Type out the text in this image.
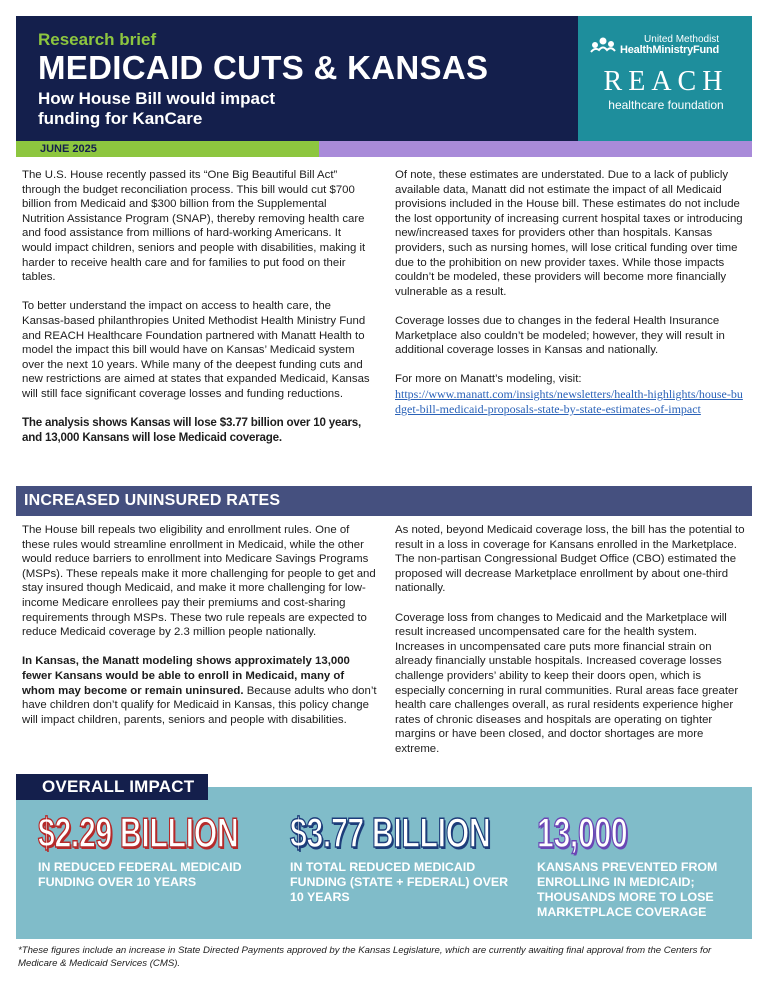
Research brief
MEDICAID CUTS & KANSAS
How House Bill would impact
funding for KanCare
United Methodist
HealthMinistryFund
REACH
healthcare foundation
JUNE 2025

The U.S. House recently passed its “One Big Beautiful Bill Act” through the budget reconciliation process. This bill would cut $700 billion from Medicaid and $300 billion from the Supplemental Nutrition Assistance Program (SNAP), thereby removing health care and food assistance from millions of hard-working Americans. It would impact children, seniors and people with disabilities, making it harder to receive health care and for families to put food on their tables.

To better understand the impact on access to health care, the Kansas-based philanthropies United Methodist Health Ministry Fund and REACH Healthcare Foundation partnered with Manatt Health to model the impact this bill would have on Kansas’ Medicaid system over the next 10 years. While many of the deepest funding cuts and new restrictions are aimed at states that expanded Medicaid, Kansas will still face significant coverage losses and funding reductions.

The analysis shows Kansas will lose $3.77 billion over 10 years, and 13,000 Kansans will lose Medicaid coverage.

Of note, these estimates are understated. Due to a lack of publicly available data, Manatt did not estimate the impact of all Medicaid provisions included in the House bill. These estimates do not include the lost opportunity of increasing current hospital taxes or introducing new/increased taxes for providers other than hospitals. Kansas providers, such as nursing homes, will lose critical funding over time due to the prohibition on new provider taxes. While those impacts couldn’t be modeled, these providers will become more financially vulnerable as a result.

Coverage losses due to changes in the federal Health Insurance Marketplace also couldn’t be modeled; however, they will result in additional coverage losses in Kansas and nationally.

For more on Manatt’s modeling, visit:
https://www.manatt.com/insights/newsletters/health-highlights/house-budget-bill-medicaid-proposals-state-by-state-estimates-of-impact
INCREASED UNINSURED RATES

The House bill repeals two eligibility and enrollment rules. One of these rules would streamline enrollment in Medicaid, while the other would reduce barriers to enrollment into Medicare Savings Programs (MSPs). These repeals make it more challenging for people to get and stay insured though Medicaid, and make it more challenging for low-income Medicare enrollees pay their premiums and cost-sharing requirements through MSPs. These two rule repeals are expected to reduce Medicaid coverage by 2.3 million people nationally.

In Kansas, the Manatt modeling shows approximately 13,000 fewer Kansans would be able to enroll in Medicaid, many of whom may become or remain uninsured. Because adults who don’t have children don’t qualify for Medicaid in Kansas, this policy change will impact children, parents, seniors and people with disabilities.

As noted, beyond Medicaid coverage loss, the bill has the potential to result in a loss in coverage for Kansans enrolled in the Marketplace. The non-partisan Congressional Budget Office (CBO) estimated the proposed will decrease Marketplace enrollment by about one-third nationally.

Coverage loss from changes to Medicaid and the Marketplace will result increased uncompensated care for the health system. Increases in uncompensated care puts more financial strain on already financially unstable hospitals. Increased coverage losses challenge providers’ ability to keep their doors open, which is especially concerning in rural communities. Rural areas face greater health care challenges overall, as rural residents experience higher rates of chronic diseases and hospitals are operating on tighter margins or have been closed, and doctor shortages are more extreme.

OVERALL IMPACT
$2.29 BILLION
IN REDUCED FEDERAL MEDICAID FUNDING OVER 10 YEARS
$3.77 BILLION
IN TOTAL REDUCED MEDICAID FUNDING (STATE + FEDERAL) OVER 10 YEARS
13,000
KANSANS PREVENTED FROM ENROLLING IN MEDICAID; THOUSANDS MORE TO LOSE MARKETPLACE COVERAGE
*These figures include an increase in State Directed Payments approved by the Kansas Legislature, which are currently awaiting final approval from the Centers for Medicare & Medicaid Services (CMS).
